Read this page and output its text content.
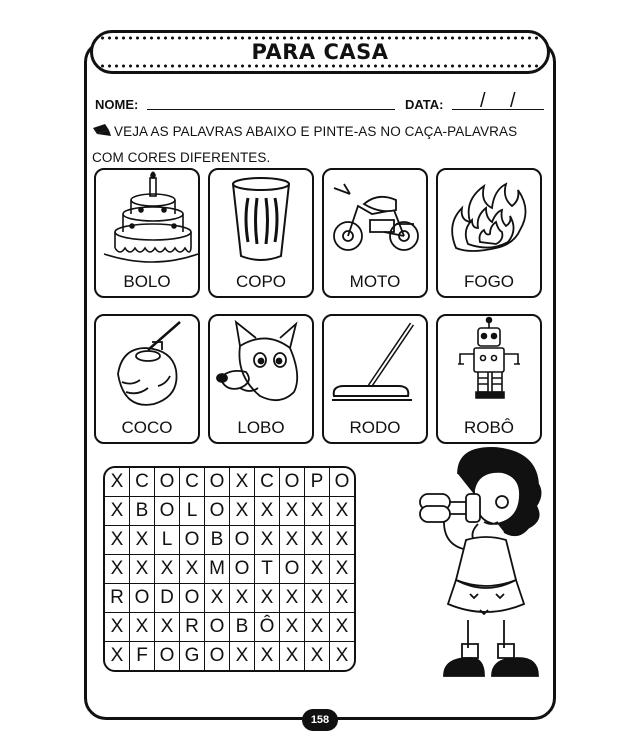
PARA CASA
NOME:	DATA: / /
VEJA AS PALAVRAS ABAIXO E PINTE-AS NO CAÇA-PALAVRAS COM CORES DIFERENTES.
BOLO	COPO	MOTO	FOGO
COCO	LOBO	RODO	ROBÔ
X	C	O	C	O	X	C	O	P	O
X	B	O	L	O	X	X	X	X	X
X	X	L	O	B	O	X	X	X	X
X	X	X	X	M	O	T	O	X	X
R	O	D	O	X	X	X	X	X	X
X	X	X	R	O	B	Ô	X	X	X
X	F	O	G	O	X	X	X	X	X
158
